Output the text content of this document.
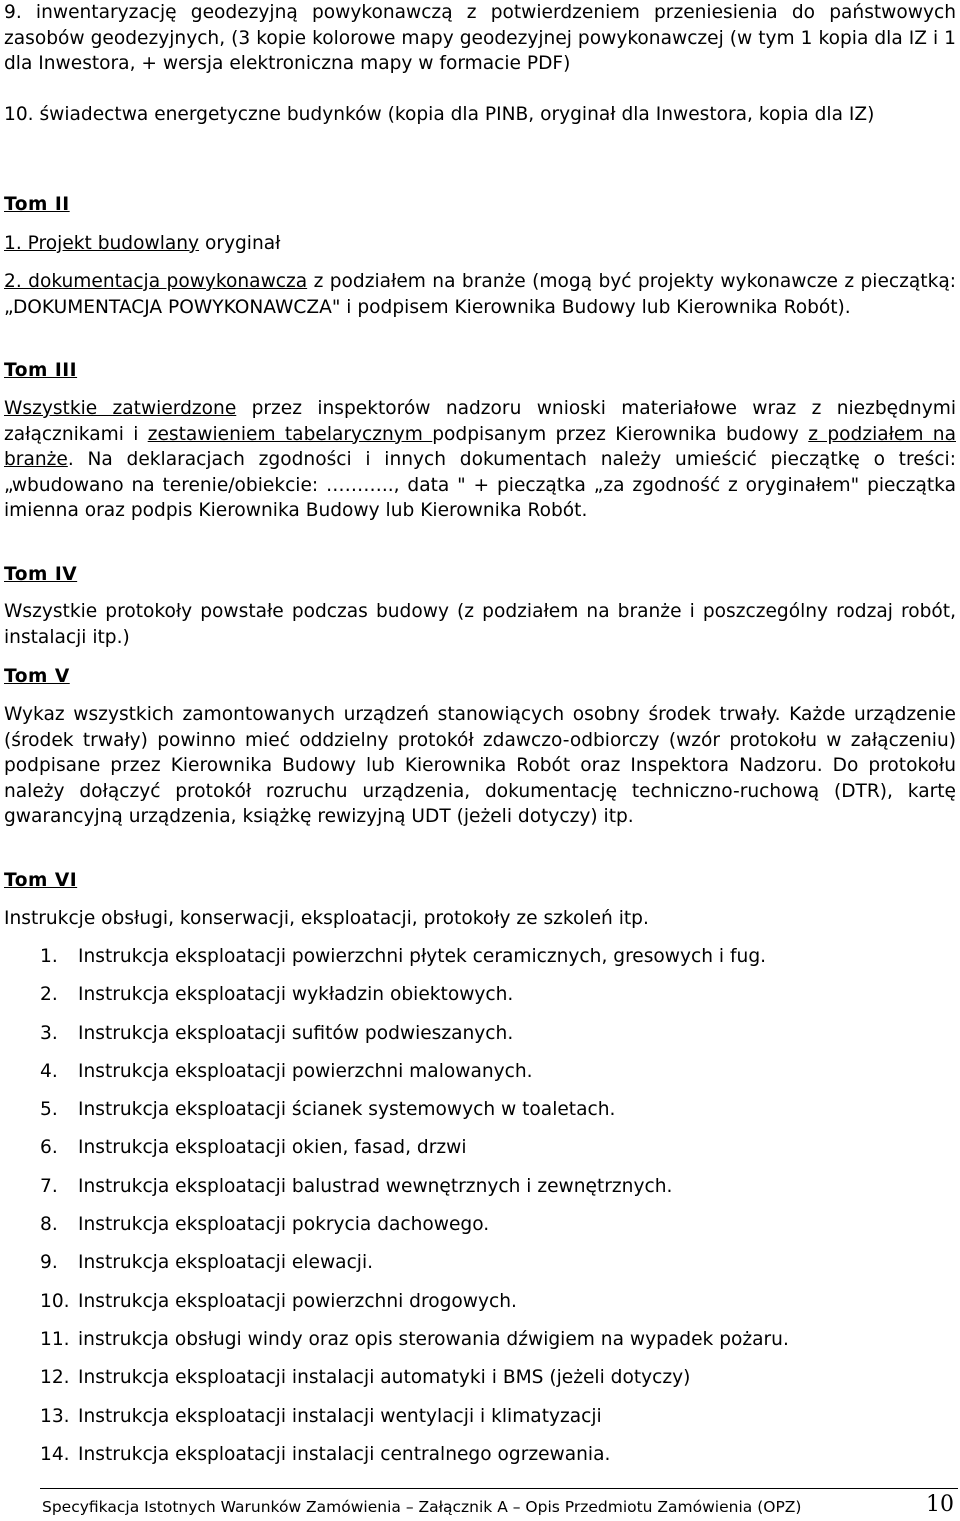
9. inwentaryzację geodezyjną powykonawczą z potwierdzeniem przeniesienia do państwowych zasobów geodezyjnych, (3 kopie kolorowe mapy geodezyjnej powykonawczej (w tym 1 kopia dla IZ i 1 dla Inwestora, + wersja elektroniczna mapy w formacie PDF)

10. świadectwa energetyczne budynków (kopia dla PINB, oryginał dla Inwestora, kopia dla IZ)

Tom II

1. Projekt budowlany oryginał

2. dokumentacja powykonawcza z podziałem na branże (mogą być projekty wykonawcze z pieczątką: „DOKUMENTACJA POWYKONAWCZA" i podpisem Kierownika Budowy lub Kierownika Robót).

Tom III

Wszystkie zatwierdzone przez inspektorów nadzoru wnioski materiałowe wraz z niezbędnymi załącznikami i zestawieniem tabelarycznym podpisanym przez Kierownika budowy z podziałem na branże. Na deklaracjach zgodności i innych dokumentach należy umieścić pieczątkę o treści: „wbudowano na terenie/obiekcie: ……….., data " + pieczątka „za zgodność z oryginałem" pieczątka imienna oraz podpis Kierownika Budowy lub Kierownika Robót.

Tom IV

Wszystkie protokoły powstałe podczas budowy (z podziałem na branże i poszczególny rodzaj robót, instalacji itp.)

Tom V

Wykaz wszystkich zamontowanych urządzeń stanowiących osobny środek trwały. Każde urządzenie (środek trwały) powinno mieć oddzielny protokół zdawczo-odbiorczy (wzór protokołu w załączeniu) podpisane przez Kierownika Budowy lub Kierownika Robót oraz Inspektora Nadzoru. Do protokołu należy dołączyć protokół rozruchu urządzenia, dokumentację techniczno-ruchową (DTR), kartę gwarancyjną urządzenia, książkę rewizyjną UDT (jeżeli dotyczy) itp.

Tom VI

Instrukcje obsługi, konserwacji, eksploatacji, protokoły ze szkoleń itp.

1. Instrukcja eksploatacji powierzchni płytek ceramicznych, gresowych i fug.
2. Instrukcja eksploatacji wykładzin obiektowych.
3. Instrukcja eksploatacji sufitów podwieszanych.
4. Instrukcja eksploatacji powierzchni malowanych.
5. Instrukcja eksploatacji ścianek systemowych w toaletach.
6. Instrukcja eksploatacji okien, fasad, drzwi
7. Instrukcja eksploatacji balustrad wewnętrznych i zewnętrznych.
8. Instrukcja eksploatacji pokrycia dachowego.
9. Instrukcja eksploatacji elewacji.
10. Instrukcja eksploatacji powierzchni drogowych.
11. instrukcja obsługi windy oraz opis sterowania dźwigiem na wypadek pożaru.
12. Instrukcja eksploatacji instalacji automatyki i BMS (jeżeli dotyczy)
13. Instrukcja eksploatacji instalacji wentylacji i klimatyzacji
14. Instrukcja eksploatacji instalacji centralnego ogrzewania.
Specyfikacja Istotnych Warunków Zamówienia – Załącznik A – Opis Przedmiotu Zamówienia (OPZ)	10
